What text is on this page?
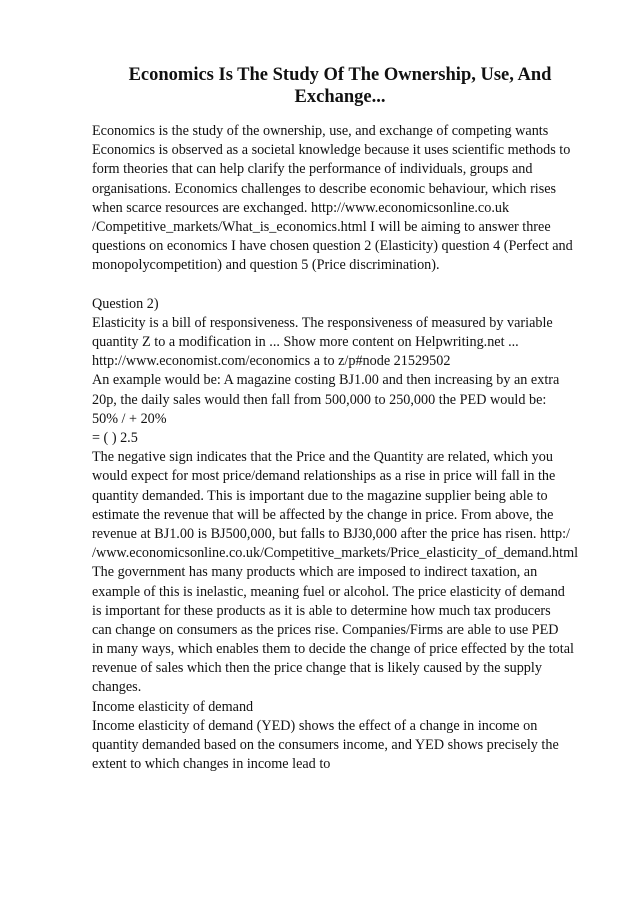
Economics Is The Study Of The Ownership, Use, And
Exchange...
Economics is the study of the ownership, use, and exchange of competing wants
Economics is observed as a societal knowledge because it uses scientific methods to
form theories that can help clarify the performance of individuals, groups and
organisations. Economics challenges to describe economic behaviour, which rises
when scarce resources are exchanged. http://www.economicsonline.co.uk
/Competitive_markets/What_is_economics.html I will be aiming to answer three
questions on economics I have chosen question 2 (Elasticity) question 4 (Perfect and
monopolycompetition) and question 5 (Price discrimination).
Question 2)
Elasticity is a bill of responsiveness. The responsiveness of measured by variable
quantity Z to a modification in ... Show more content on Helpwriting.net ...
http://www.economist.com/economics a to z/p#node 21529502
An example would be: A magazine costing BJ1.00 and then increasing by an extra
20p, the daily sales would then fall from 500,000 to 250,000 the PED would be:
50% / + 20%
= ( ) 2.5
The negative sign indicates that the Price and the Quantity are related, which you
would expect for most price/demand relationships as a rise in price will fall in the
quantity demanded. This is important due to the magazine supplier being able to
estimate the revenue that will be affected by the change in price. From above, the
revenue at BJ1.00 is BJ500,000, but falls to BJ30,000 after the price has risen. http:/
/www.economicsonline.co.uk/Competitive_markets/Price_elasticity_of_demand.html
The government has many products which are imposed to indirect taxation, an
example of this is inelastic, meaning fuel or alcohol. The price elasticity of demand
is important for these products as it is able to determine how much tax producers
can change on consumers as the prices rise. Companies/Firms are able to use PED
in many ways, which enables them to decide the change of price effected by the total
revenue of sales which then the price change that is likely caused by the supply
changes.
Income elasticity of demand
Income elasticity of demand (YED) shows the effect of a change in income on
quantity demanded based on the consumers income, and YED shows precisely the
extent to which changes in income lead to
